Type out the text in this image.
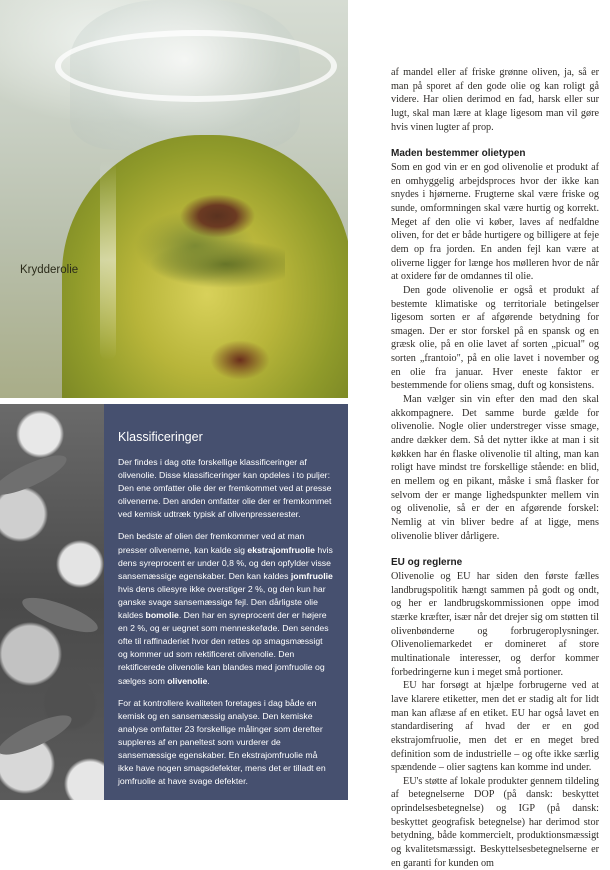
Krydderolie
Klassificeringer

Der findes i dag otte forskellige klassificeringer af olivenolie. Disse klassificeringer kan opdeles i to puljer: Den ene omfatter olie der er fremkommet ved at presse olivenerne. Den anden omfatter olie der er fremkommet ved kemisk udtræk typisk af olivenpresserester.

Den bedste af olien der fremkommer ved at man presser olivenerne, kan kalde sig ekstrajomfruolie hvis dens syreprocent er under 0,8 %, og den opfylder visse sansemæssige egenskaber. Den kan kaldes jomfruolie hvis dens oliesyre ikke overstiger 2 %, og den kun har ganske svage sansemæssige fejl. Den dårligste olie kaldes bomolie. Den har en syreprocent der er højere en 2 %, og er uegnet som menneskeføde. Den sendes ofte til raffinaderiet hvor den rettes op smagsmæssigt og kommer ud som rektificeret olivenolie. Den rektificerede olivenolie kan blandes med jomfruolie og sælges som olivenolie.

For at kontrollere kvaliteten foretages i dag både en kemisk og en sansemæssig analyse. Den kemiske analyse omfatter 23 forskellige målinger som derefter suppleres af en paneltest som vurderer de sansemæssige egenskaber. En ekstrajomfruolie må ikke have nogen smagsdefekter, mens det er tilladt en jomfruolie at have svage defekter.

af mandel eller af friske grønne oliven, ja, så er man på sporet af den gode olie og kan roligt gå videre. Har olien derimod en fad, harsk eller sur lugt, skal man lære at klage ligesom man vil gøre hvis vinen lugter af prop.

Maden bestemmer olietypen

Som en god vin er en god olivenolie et produkt af en omhyggelig arbejdsproces hvor der ikke kan snydes i hjørnerne. Frugterne skal være friske og sunde, omformningen skal være hurtig og korrekt. Meget af den olie vi køber, laves af nedfaldne oliven, for det er både hurtigere og billigere at feje dem op fra jorden. En anden fejl kan være at oliverne ligger for længe hos mølleren hvor de når at oxidere før de omdannes til olie.

Den gode olivenolie er også et produkt af bestemte klimatiske og territoriale betingelser ligesom sorten er af afgørende betydning for smagen. Der er stor forskel på en spansk og en græsk olie, på en olie lavet af sorten „picual" og sorten „frantoio", på en olie lavet i november og en olie fra januar. Hver eneste faktor er bestemmende for oliens smag, duft og konsistens.

Man vælger sin vin efter den mad den skal akkompagnere. Det samme burde gælde for olivenolie. Nogle olier understreger visse smage, andre dækker dem. Så det nytter ikke at man i sit køkken har én flaske olivenolie til alting, man kan roligt have mindst tre forskellige stående: en blid, en mellem og en pikant, måske i små flasker for selvom der er mange lighedspunkter mellem vin og olivenolie, så er der en afgørende forskel: Nemlig at vin bliver bedre af at ligge, mens olivenolie bliver dårligere.

EU og reglerne

Olivenolie og EU har siden den første fælles landbrugspolitik hængt sammen på godt og ondt, og her er landbrugskommissionen oppe imod stærke kræfter, især når det drejer sig om støtten til olivenbønderne og forbrugeroplysninger. Olivenoliemarkedet er domineret af store multinationale interesser, og derfor kommer forbedringerne kun i meget små portioner.

EU har forsøgt at hjælpe forbrugerne ved at lave klarere etiketter, men det er stadig alt for lidt man kan aflæse af en etiket. EU har også lavet en standardisering af hvad der er en god ekstrajomfruolie, men det er en meget bred definition som de industrielle – og ofte ikke særlig spændende – olier sagtens kan komme ind under.

EU's støtte af lokale produkter gennem tildeling af betegnelserne DOP (på dansk: beskyttet oprindelsesbetegnelse) og IGP (på dansk: beskyttet geografisk betegnelse) har derimod stor betydning, både kommercielt, produktionsmæssigt og kvalitetsmæssigt. Beskyttelsesbetegnelserne er en garanti for kunden om
